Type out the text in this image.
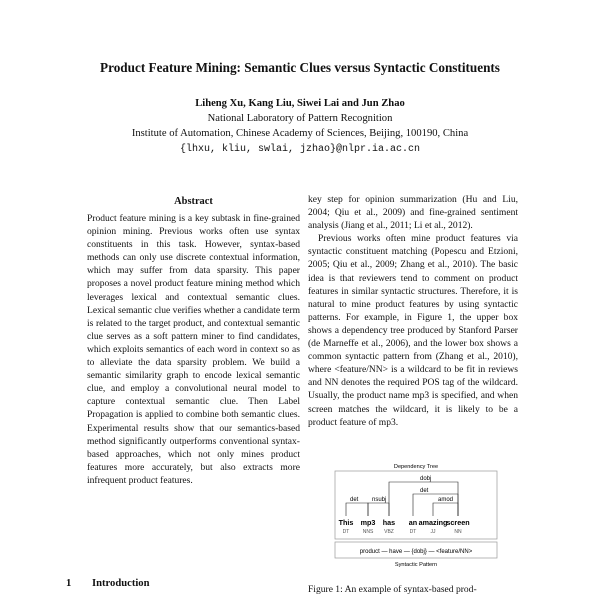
Product Feature Mining: Semantic Clues versus Syntactic Constituents
Liheng Xu, Kang Liu, Siwei Lai and Jun Zhao
National Laboratory of Pattern Recognition
Institute of Automation, Chinese Academy of Sciences, Beijing, 100190, China
{lhxu, kliu, swlai, jzhao}@nlpr.ia.ac.cn
Abstract

Product feature mining is a key subtask in fine-grained opinion mining. Previous works often use syntax constituents in this task. However, syntax-based methods can only use discrete contextual information, which may suffer from data sparsity. This paper proposes a novel product feature mining method which leverages lexical and contextual semantic clues. Lexical semantic clue verifies whether a candidate term is related to the target product, and contextual semantic clue serves as a soft pattern miner to find candidates, which exploits semantics of each word in context so as to alleviate the data sparsity problem. We build a semantic similarity graph to encode lexical semantic clue, and employ a convolutional neural model to capture contextual semantic clue. Then Label Propagation is applied to combine both semantic clues. Experimental results show that our semantics-based method significantly outperforms conventional syntax-based approaches, which not only mines product features more accurately, but also extracts more infrequent product features.

1 Introduction

key step for opinion summarization (Hu and Liu, 2004; Qiu et al., 2009) and fine-grained sentiment analysis (Jiang et al., 2011; Li et al., 2012).

Previous works often mine product features via syntactic constituent matching (Popescu and Etzioni, 2005; Qiu et al., 2009; Zhang et al., 2010). The basic idea is that reviewers tend to comment on product features in similar syntactic structures. Therefore, it is natural to mine product features by using syntactic patterns. For example, in Figure 1, the upper box shows a dependency tree produced by Stanford Parser (de Marneffe et al., 2006), and the lower box shows a common syntactic pattern from (Zhang et al., 2010), where <feature/NN> is a wildcard to be fit in reviews and NN denotes the required POS tag of the wildcard. Usually, the product name mp3 is specified, and when screen matches the wildcard, it is likely to be a product feature of mp3.

Dependency Tree
Syntactic Pattern
dobj
det nsubj
det
amod
This mp3 has an amazing screen
DT	NNS VBZ	DT	JJ	NN
product — have — {dobj} — <feature/NN>
Figure 1: An example of syntax-based prod-
